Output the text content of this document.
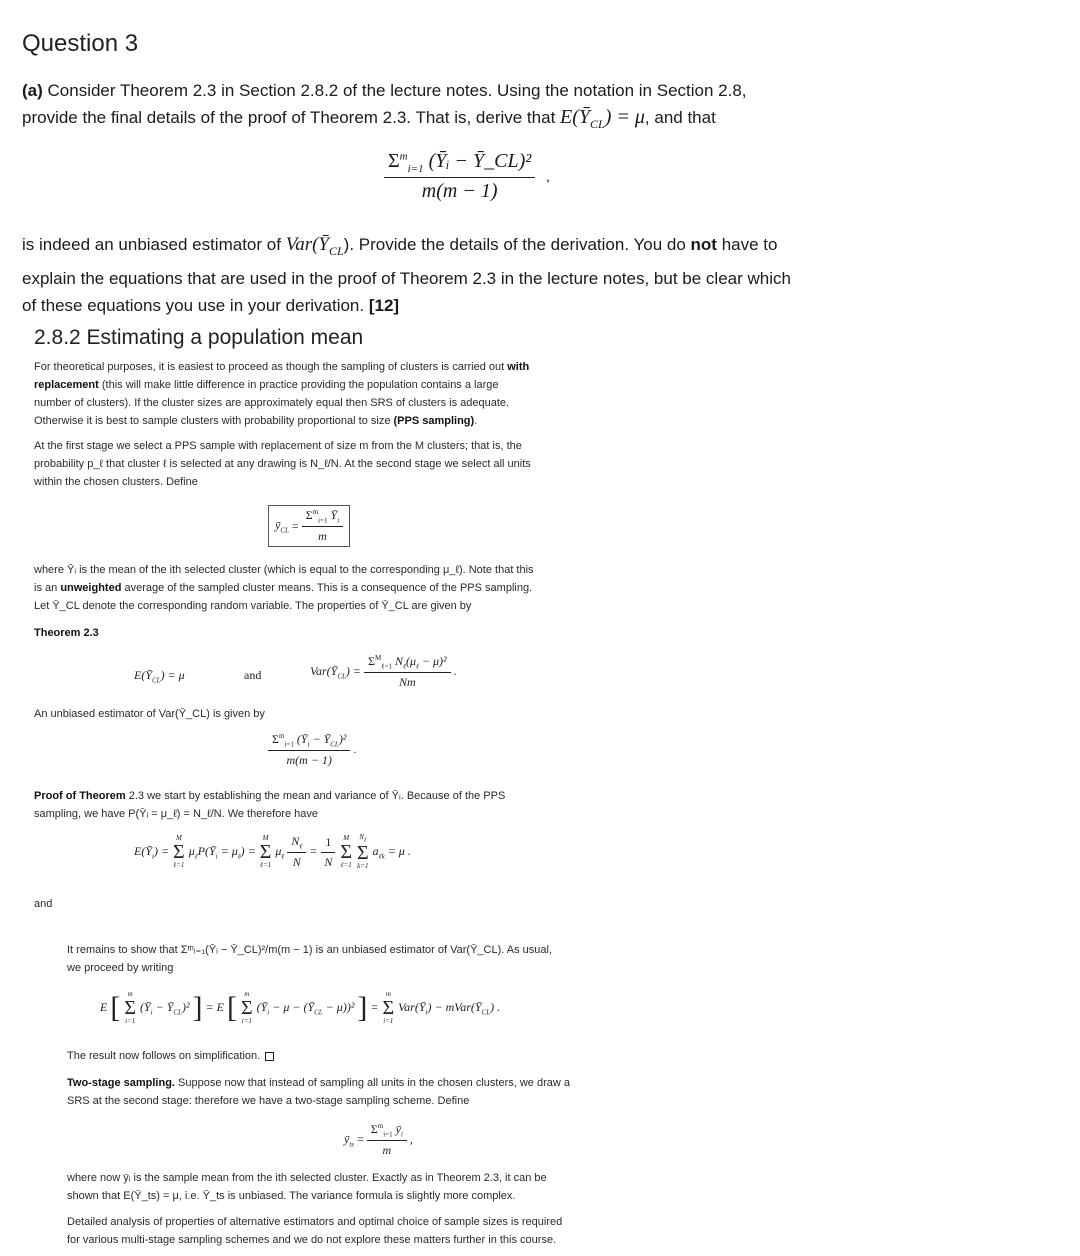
Question 3
(a) Consider Theorem 2.3 in Section 2.8.2 of the lecture notes. Using the notation in Section 2.8,
provide the final details of the proof of Theorem 2.3. That is, derive that $E(Ȳ_{CL}) = \mu$, and that
$\frac{\Sigma^m_{i=1} (Ȳᵢ - Ȳ\_CL)^2}{m(m - 1)}$ ,
is indeed an unbiased estimator of $Var(Ȳ_{CL})$. Provide the details of the derivation. You do not have to
explain the equations that are used in the proof of Theorem 2.3 in the lecture notes, but be clear which
of these equations you use in your derivation. [12]
2.8.2 Estimating a population mean
For theoretical purposes, it is easiest to proceed as though the sampling of clusters is carried out with
replacement (this will make little difference in practice providing the population contains a large
number of clusters). If the cluster sizes are approximately equal then SRS of clusters is adequate.
Otherwise it is best to sample clusters with probability proportional to size (PPS sampling).
At the first stage we select a PPS sample with replacement of size m from the M clusters; that is, the
probability p_ℓ that cluster ℓ is selected at any drawing is N_ℓ/N. At the second stage we select all units
within the chosen clusters. Define
$ȳ_{CL} = \frac{\Sigma^m_{i=1} Ȳ_i}{m}$
where Ȳᵢ is the mean of the ith selected cluster (which is equal to the corresponding μ_ℓ). Note that this
is an unweighted average of the sampled cluster means. This is a consequence of the PPS sampling.
Let Ȳ_CL denote the corresponding random variable. The properties of Ȳ_CL are given by
Theorem 2.3
$E(Ȳ_{CL}) = \mu$	and	$Var(Ȳ_{CL}) = \frac{\Sigma^M_{\ell=1} N_\ell(\mu_\ell - \mu)^2}{Nm}$ .
An unbiased estimator of Var(Ȳ_CL) is given by
$\frac{\Sigma^m_{i=1} (Ȳ_i - Ȳ_{CL})^2}{m(m - 1)}$ .
Proof of Theorem 2.3 we start by establishing the mean and variance of Ȳᵢ. Because of the PPS
sampling, we have P(Ȳᵢ = μ_ℓ) = N_ℓ/N. We therefore have
$E(Ȳ_i)$ =
M
Σ
ℓ=1
$\mu_\ell P(Ȳ_i = \mu_\ell)$ =
M
Σ
ℓ=1
$\mu_\ell \frac{N_\ell}{N} = \frac{1}{N}$
M
Σ
ℓ=1

$N_\ell$
Σ
k=1
$a_{\ell k} = \mu$ .
and
It remains to show that Σᵐᵢ₌₁(Ȳᵢ − Ȳ_CL)²/m(m − 1) is an unbiased estimator of Var(Ȳ_CL). As usual,
we proceed by writing
E [ m
Σ
i=1
($Ȳ_i$ − $Ȳ_{CL})^2$ ] = E [ m
Σ
i=1
($Ȳ_i - \mu$ − $(Ȳ_{CL} - \mu))^2$ ] =
m
Σ
i=1
$Var(Ȳ_i)$ − $mVar(Ȳ_{CL})$ .
The result now follows on simplification.
Two-stage sampling. Suppose now that instead of sampling all units in the chosen clusters, we draw a
SRS at the second stage: therefore we have a two-stage sampling scheme. Define
$ȳ_{ts} = \frac{\Sigma^m_{i=1} ȳ_i}{m}$ ,
where now ȳᵢ is the sample mean from the ith selected cluster. Exactly as in Theorem 2.3, it can be
shown that E(Ȳ_ts) = μ, i.e. Ȳ_ts is unbiased. The variance formula is slightly more complex.
Detailed analysis of properties of alternative estimators and optimal choice of sample sizes is required
for various multi-stage sampling schemes and we do not explore these matters further in this course.
